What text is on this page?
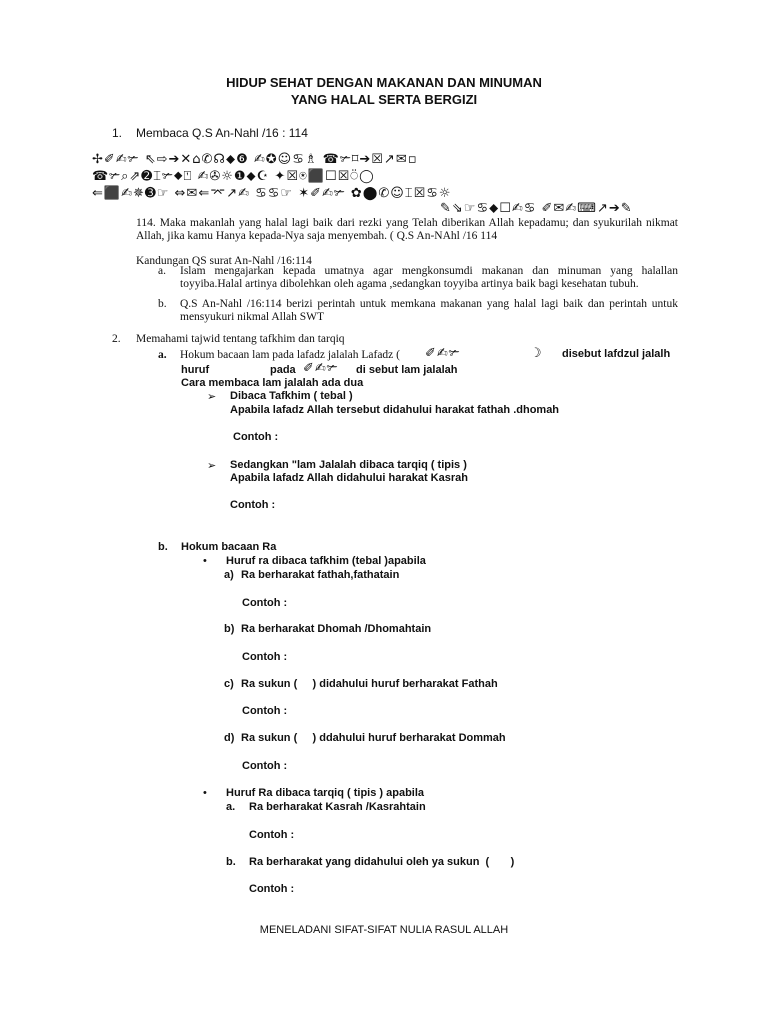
HIDUP SEHAT DENGAN MAKANAN DAN MINUMAN
YANG HALAL SERTA BERGIZI
1. Membaca Q.S An-Nahl /16 : 114
✢✐✍✃ ⇖⇨➔✕⌂✆☊⬥❻ ✍✪☺♋♗ ☎✃⌑➔☒↗✉▫
☎✃⌕⇗➋⌶✃⬥⍞ ✍✇☼❶⬥☪ ✦☒⍟⬛☐☒⍥◯
⇐⬛✍✵➌☞ ⇔✉⇐⌤↗✍ ♋♋☞ ✶✐✍✃ ✿⬤✆☺⌶☒♋☼
✎⇘☞♋⬥☐✍♋ ✐✉✍⌨↗➔✎
114. Maka makanlah yang halal lagi baik dari rezki yang Telah diberikan Allah kepadamu; dan syukurilah nikmat Allah, jika kamu Hanya kepada-Nya saja menyembah. ( Q.S An-NAhl /16 114
Kandungan QS surat An-Nahl /16:114
a. Islam mengajarkan kepada umatnya agar mengkonsumdi makanan dan minuman yang halallan toyyiba.Halal artinya dibolehkan oleh agama ,sedangkan toyyiba artinya baik bagi kesehatan tubuh.
b. Q.S An-Nahl /16:114 berizi perintah untuk memkana makanan yang halal lagi baik dan perintah untuk mensyukuri nikmal Allah SWT
2. Memahami tajwid tentang tafkhim dan tarqiq
a. Hokum bacaan lam pada lafadz jalalah Lafadz ( ✐✍✃	☽ disebut lafdzul jalalh
huruf	pada ✐✍✃ di sebut lam jalalah
Cara membaca lam jalalah ada dua
➢ Dibaca Tafkhim ( tebal )
Apabila lafadz Allah tersebut didahului harakat fathah .dhomah
Contoh :
➢ Sedangkan "lam Jalalah dibaca tarqiq ( tipis )
Apabila lafadz Allah didahului harakat Kasrah
Contoh :
b. Hokum bacaan Ra
• Huruf ra dibaca tafkhim (tebal )apabila
a) Ra berharakat fathah,fathatain
Contoh :
b) Ra berharakat Dhomah /Dhomahtain
Contoh :
c) Ra sukun (     ) didahului huruf berharakat Fathah
Contoh :
d) Ra sukun (     ) ddahului huruf berharakat Dommah
Contoh :
• Huruf Ra dibaca tarqiq ( tipis ) apabila
a. Ra berharakat Kasrah /Kasrahtain
Contoh :
b. Ra berharakat yang didahului oleh ya sukun  (       )
Contoh :
MENELADANI SIFAT-SIFAT NULIA RASUL ALLAH
